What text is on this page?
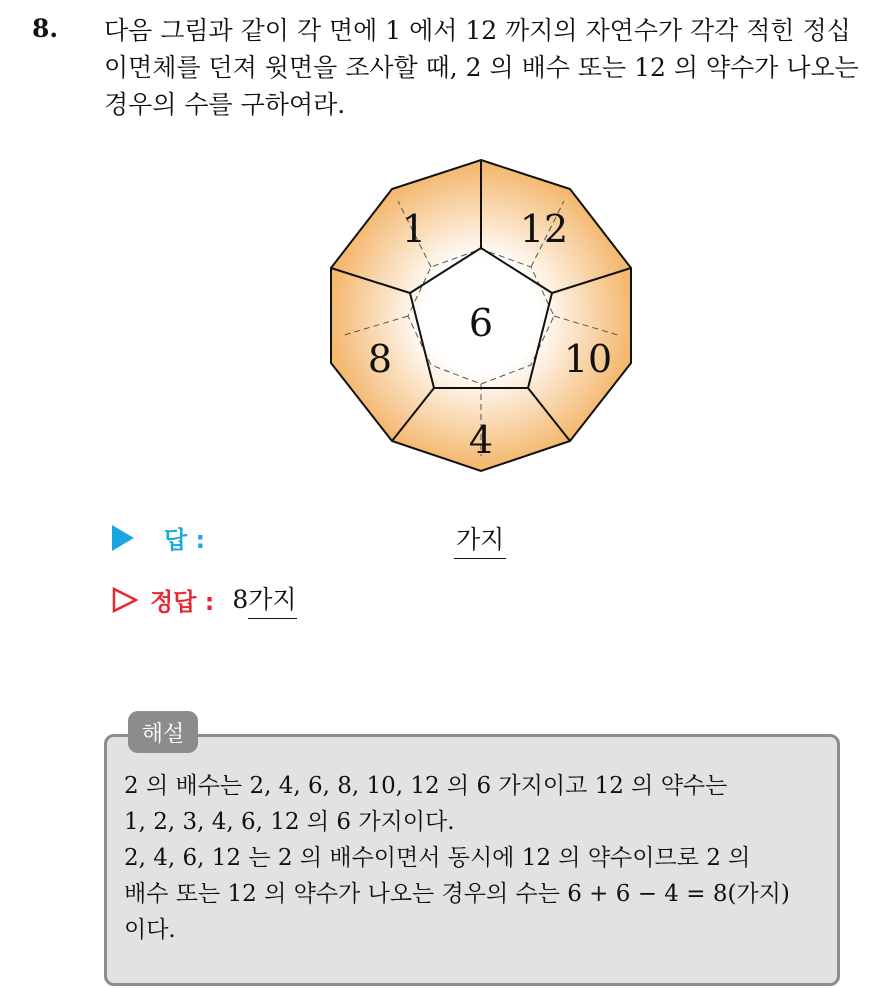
8. 다음 그림과 같이 각 면에 1 에서 12 까지의 자연수가 각각 적힌 정십
이면체를 던져 윗면을 조사할 때, 2 의 배수 또는 12 의 약수가 나오는
경우의 수를 구하여라.
6
12
10
4
8
1
답 :	가지
정답 : 8 가지
해설
2 의 배수는 2, 4, 6, 8, 10, 12 의 6 가지이고 12 의 약수는
1, 2, 3, 4, 6, 12 의 6 가지이다.
2, 4, 6, 12 는 2 의 배수이면서 동시에 12 의 약수이므로 2 의
배수 또는 12 의 약수가 나오는 경우의 수는 6 + 6 − 4 = 8(가지)
이다.
